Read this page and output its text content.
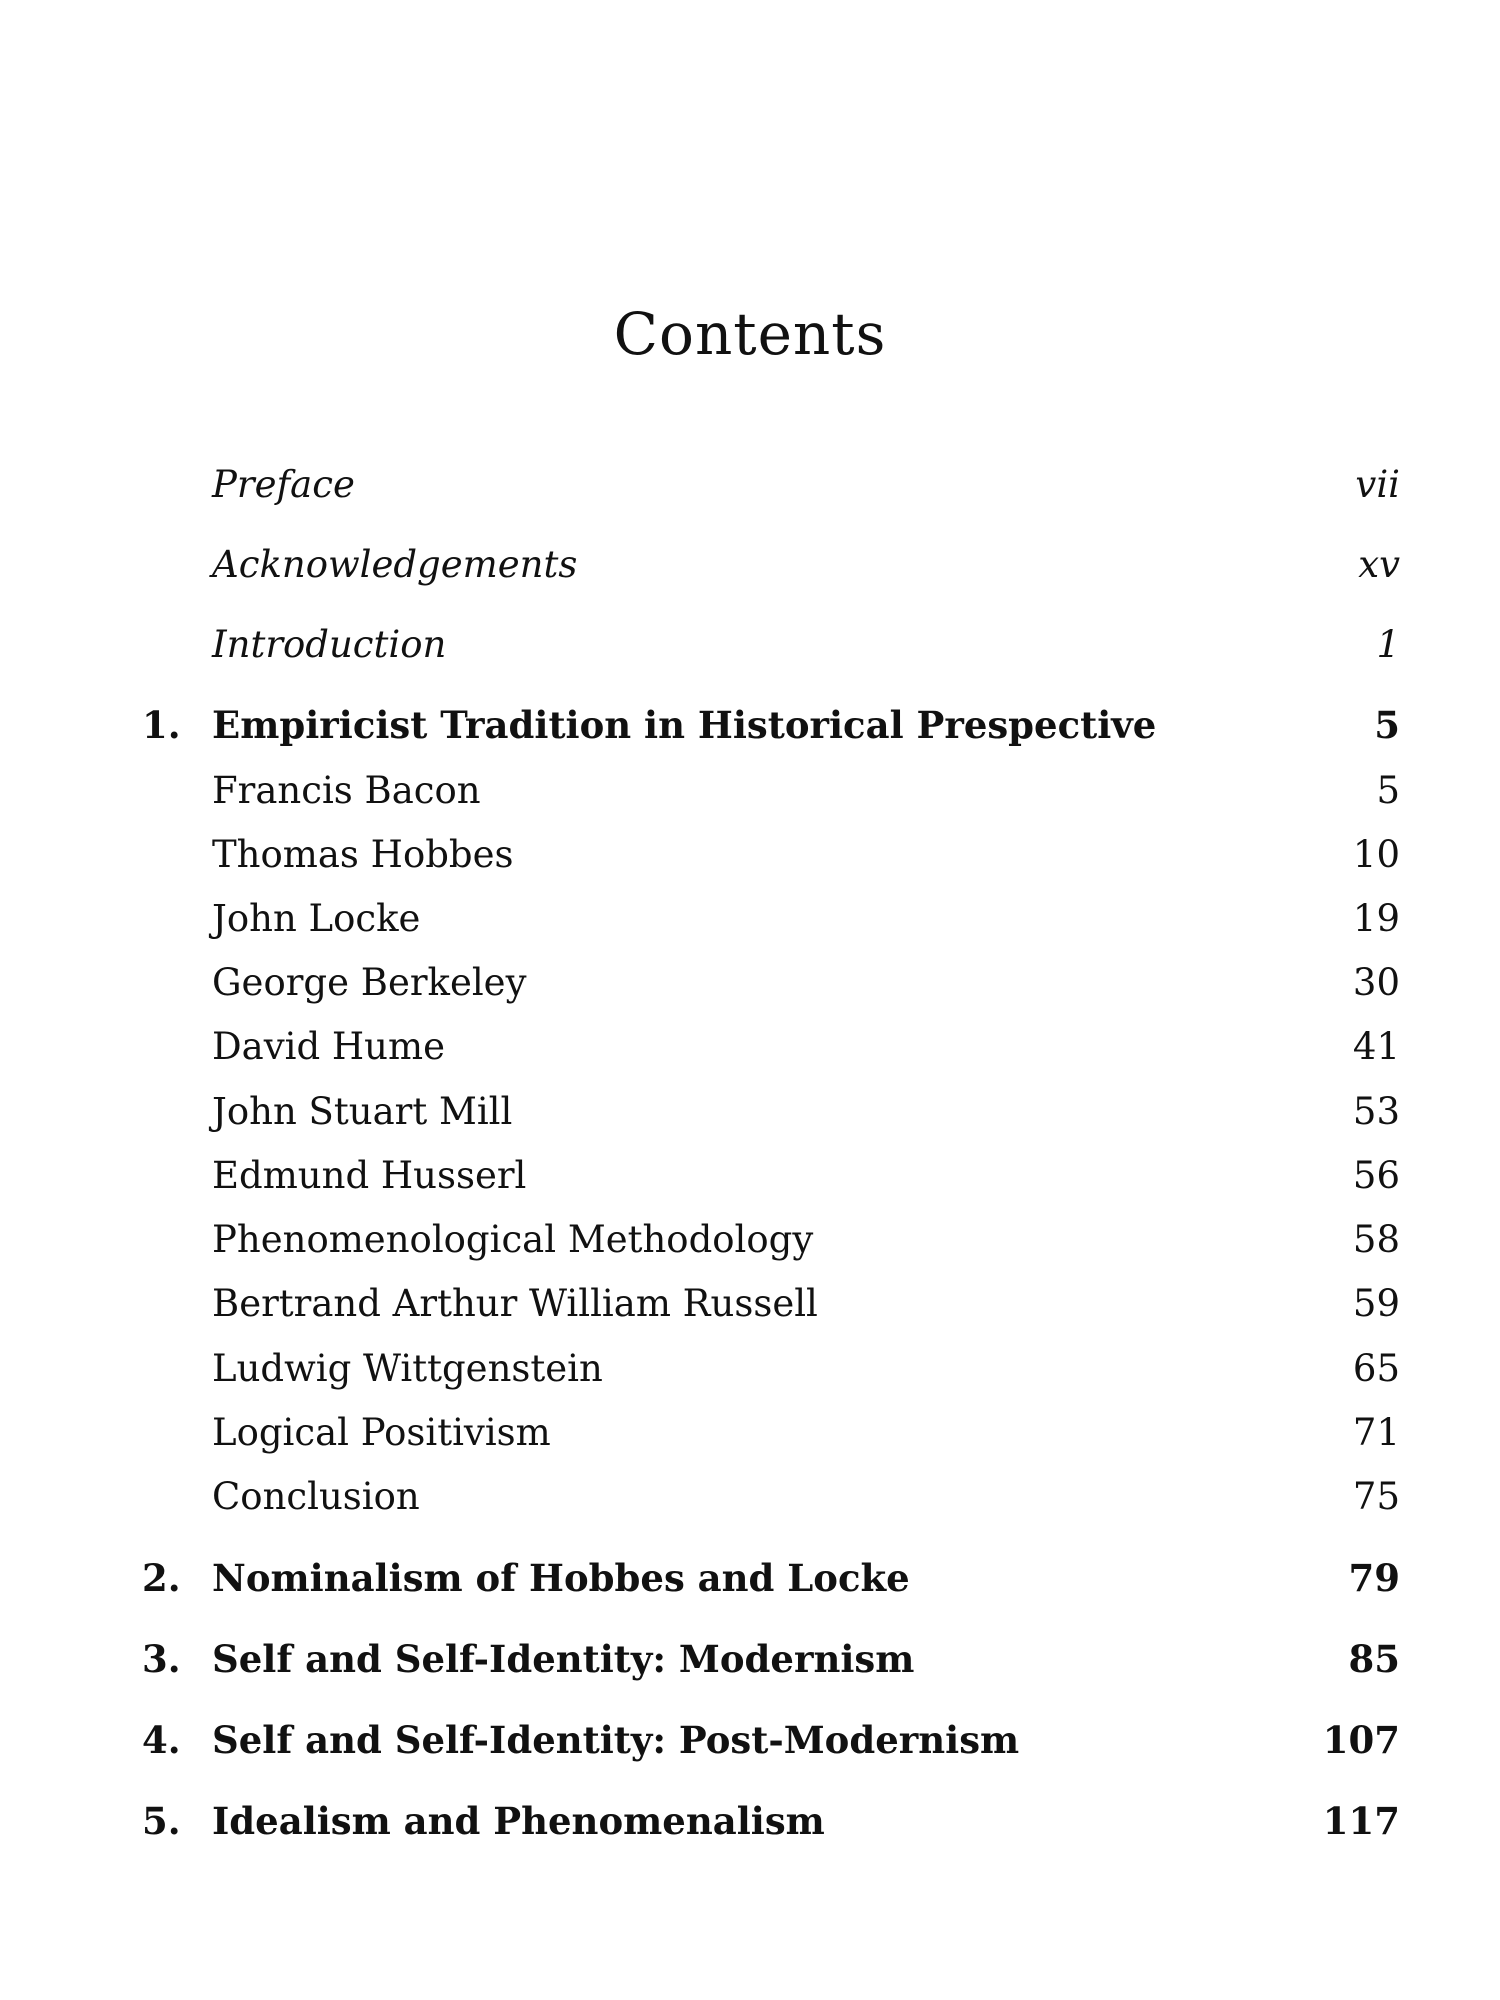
Contents
Preface	vii
Acknowledgements	xv
Introduction	1
1. Empiricist Tradition in Historical Prespective	5
Francis Bacon	5
Thomas Hobbes	10
John Locke	19
George Berkeley	30
David Hume	41
John Stuart Mill	53
Edmund Husserl	56
Phenomenological Methodology	58
Bertrand Arthur William Russell	59
Ludwig Wittgenstein	65
Logical Positivism	71
Conclusion	75
2. Nominalism of Hobbes and Locke	79
3. Self and Self-Identity: Modernism	85
4. Self and Self-Identity: Post-Modernism	107
5. Idealism and Phenomenalism	117
